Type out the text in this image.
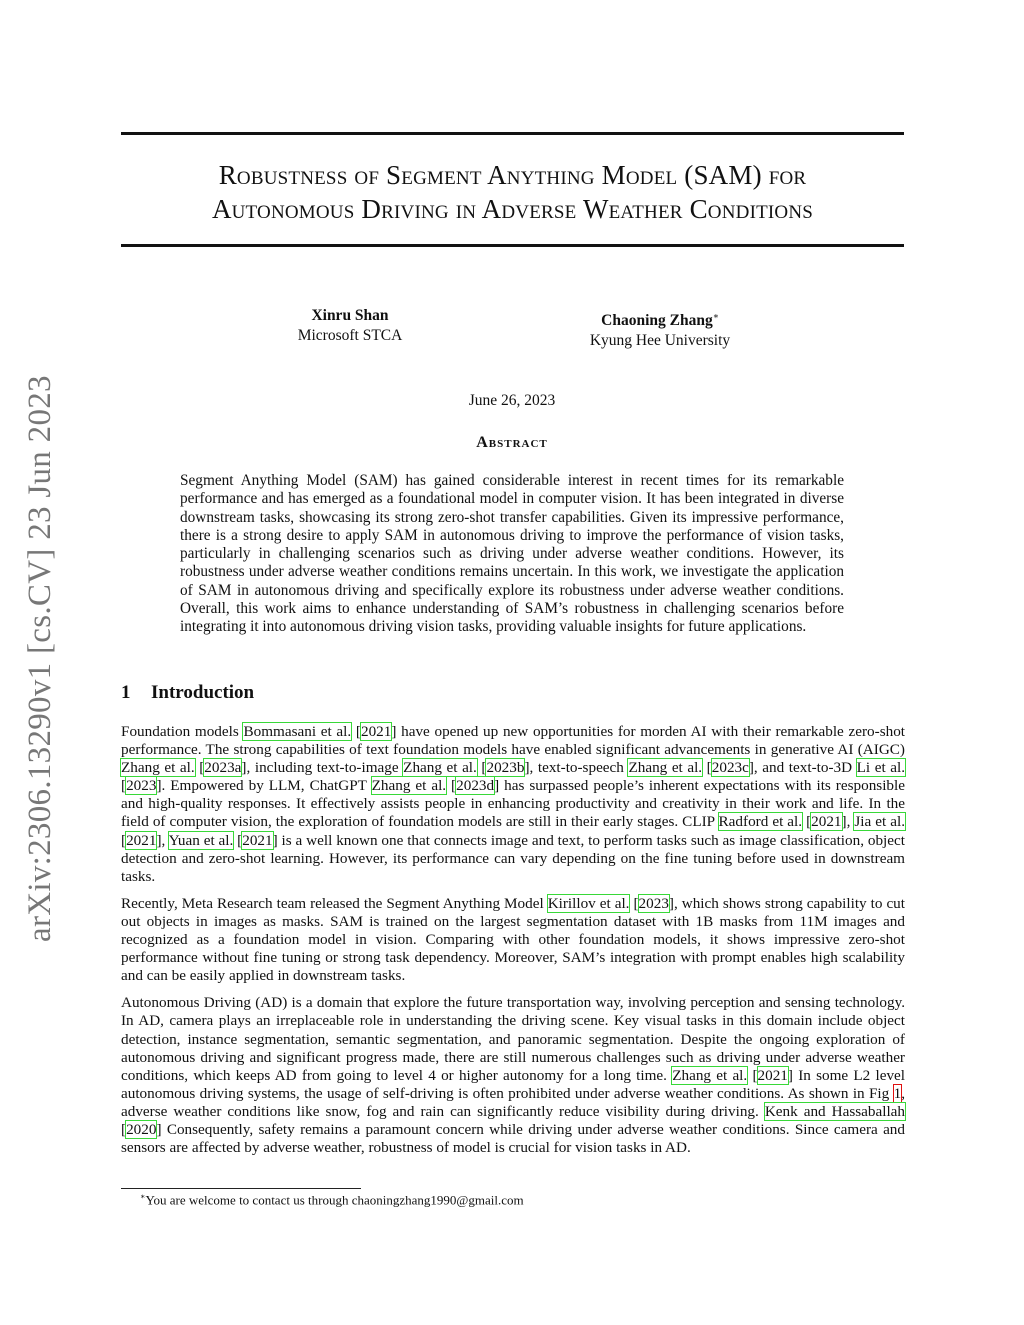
arXiv:2306.13290v1 [cs.CV] 23 Jun 2023
Robustness of Segment Anything Model (SAM) for
Autonomous Driving in Adverse Weather Conditions
Xinru Shan
Microsoft STCA
Chaoning Zhang∗
Kyung Hee University
June 26, 2023
Abstract

Segment Anything Model (SAM) has gained considerable interest in recent times for its remarkable performance and has emerged as a foundational model in computer vision. It has been integrated in diverse downstream tasks, showcasing its strong zero-shot transfer capabilities. Given its impressive performance, there is a strong desire to apply SAM in autonomous driving to improve the performance of vision tasks, particularly in challenging scenarios such as driving under adverse weather conditions. However, its robustness under adverse weather conditions remains uncertain. In this work, we investigate the application of SAM in autonomous driving and specifically explore its robustness under adverse weather conditions. Overall, this work aims to enhance understanding of SAM’s robustness in challenging scenarios before integrating it into autonomous driving vision tasks, providing valuable insights for future applications.

1 Introduction

Foundation models Bommasani et al. [2021] have opened up new opportunities for morden AI with their remarkable zero-shot performance. The strong capabilities of text foundation models have enabled significant advancements in generative AI (AIGC) Zhang et al. [2023a], including text-to-image Zhang et al. [2023b], text-to-speech Zhang et al. [2023c], and text-to-3D Li et al. [2023]. Empowered by LLM, ChatGPT Zhang et al. [2023d] has surpassed people’s inherent expectations with its responsible and high-quality responses. It effectively assists people in enhancing productivity and creativity in their work and life. In the field of computer vision, the exploration of foundation models are still in their early stages. CLIP Radford et al. [2021], Jia et al. [2021], Yuan et al. [2021] is a well known one that connects image and text, to perform tasks such as image classification, object detection and zero-shot learning. However, its performance can vary depending on the fine tuning before used in downstream tasks.

Recently, Meta Research team released the Segment Anything Model Kirillov et al. [2023], which shows strong capability to cut out objects in images as masks. SAM is trained on the largest segmentation dataset with 1B masks from 11M images and recognized as a foundation model in vision. Comparing with other foundation models, it shows impressive zero-shot performance without fine tuning or strong task dependency. Moreover, SAM’s integration with prompt enables high scalability and can be easily applied in downstream tasks.

Autonomous Driving (AD) is a domain that explore the future transportation way, involving perception and sensing technology. In AD, camera plays an irreplaceable role in understanding the driving scene. Key visual tasks in this domain include object detection, instance segmentation, semantic segmentation, and panoramic segmentation. Despite the ongoing exploration of autonomous driving and significant progress made, there are still numerous challenges such as driving under adverse weather conditions, which keeps AD from going to level 4 or higher autonomy for a long time. Zhang et al. [2021] In some L2 level autonomous driving systems, the usage of self-driving is often prohibited under adverse weather conditions. As shown in Fig 1, adverse weather conditions like snow, fog and rain can significantly reduce visibility during driving. Kenk and Hassaballah [2020] Consequently, safety remains a paramount concern while driving under adverse weather conditions. Since camera and sensors are affected by adverse weather, robustness of model is crucial for vision tasks in AD.

∗You are welcome to contact us through chaoningzhang1990@gmail.com
